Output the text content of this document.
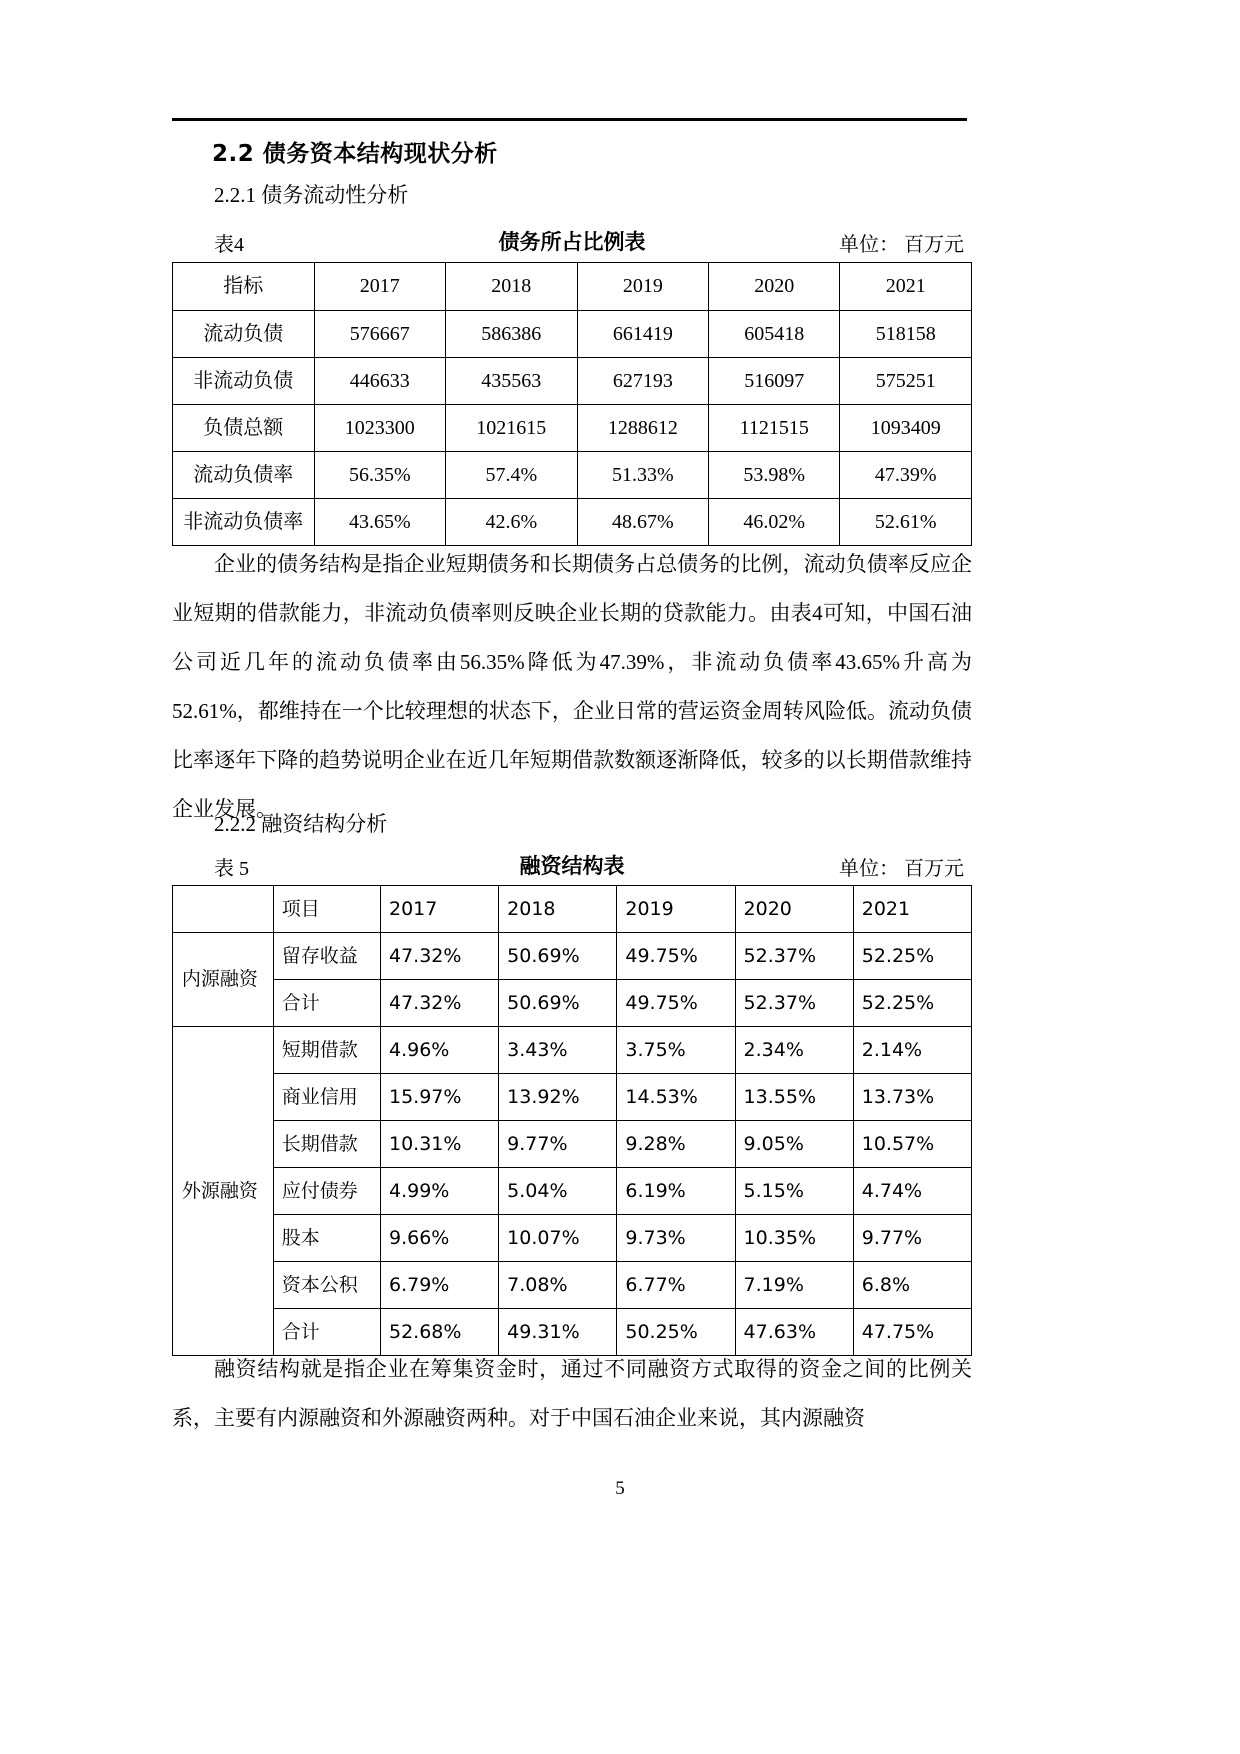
2.2 债务资本结构现状分析
2.2.1 债务流动性分析
表4	债务所占比例表	单位： 百万元
指标	2017	2018	2019	2020	2021
流动负债	576667	586386	661419	605418	518158
非流动负债	446633	435563	627193	516097	575251
负债总额	1023300	1021615	1288612	1121515	1093409
流动负债率	56.35%	57.4%	51.33%	53.98%	47.39%
非流动负债率	43.65%	42.6%	48.67%	46.02%	52.61%
企业的债务结构是指企业短期债务和长期债务占总债务的比例，流动负债率反应企业短期的借款能力，非流动负债率则反映企业长期的贷款能力。由表4可知，中国石油公司近几年的流动负债率由56.35%降低为47.39%，非流动负债率43.65%升高为52.61%，都维持在一个比较理想的状态下，企业日常的营运资金周转风险低。流动负债比率逐年下降的趋势说明企业在近几年短期借款数额逐渐降低，较多的以长期借款维持企业发展。
2.2.2 融资结构分析
表 5	融资结构表	单位： 百万元
	项目	2017	2018	2019	2020	2021
内源融资	留存收益	47.32%	50.69%	49.75%	52.37%	52.25%
	合计	47.32%	50.69%	49.75%	52.37%	52.25%
外源融资	短期借款	4.96%	3.43%	3.75%	2.34%	2.14%
	商业信用	15.97%	13.92%	14.53%	13.55%	13.73%
	长期借款	10.31%	9.77%	9.28%	9.05%	10.57%
	应付债券	4.99%	5.04%	6.19%	5.15%	4.74%
	股本	9.66%	10.07%	9.73%	10.35%	9.77%
	资本公积	6.79%	7.08%	6.77%	7.19%	6.8%
	合计	52.68%	49.31%	50.25%	47.63%	47.75%
融资结构就是指企业在筹集资金时，通过不同融资方式取得的资金之间的比例关系，主要有内源融资和外源融资两种。对于中国石油企业来说，其内源融资
5
